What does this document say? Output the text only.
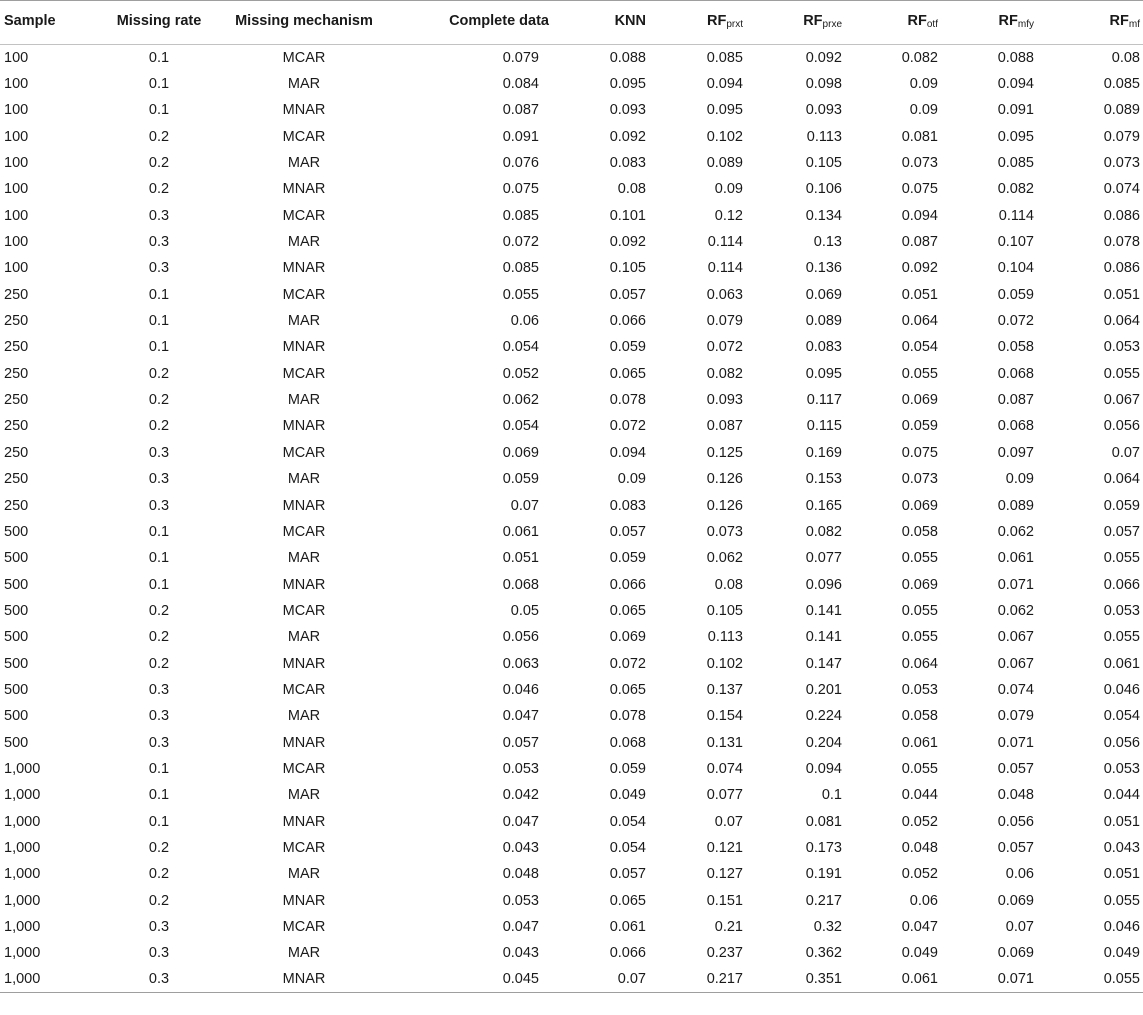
Sample	Missing rate	Missing mechanism	Complete data	KNN	$RF_{prxt}$	$RF_{prxe}$	$RF_{otf}$	$RF_{mfy}$	$RF_{mf}$
100	0.1	MCAR	0.079	0.088	0.085	0.092	0.082	0.088	0.08
100	0.1	MAR	0.084	0.095	0.094	0.098	0.09	0.094	0.085
100	0.1	MNAR	0.087	0.093	0.095	0.093	0.09	0.091	0.089
100	0.2	MCAR	0.091	0.092	0.102	0.113	0.081	0.095	0.079
100	0.2	MAR	0.076	0.083	0.089	0.105	0.073	0.085	0.073
100	0.2	MNAR	0.075	0.08	0.09	0.106	0.075	0.082	0.074
100	0.3	MCAR	0.085	0.101	0.12	0.134	0.094	0.114	0.086
100	0.3	MAR	0.072	0.092	0.114	0.13	0.087	0.107	0.078
100	0.3	MNAR	0.085	0.105	0.114	0.136	0.092	0.104	0.086
250	0.1	MCAR	0.055	0.057	0.063	0.069	0.051	0.059	0.051
250	0.1	MAR	0.06	0.066	0.079	0.089	0.064	0.072	0.064
250	0.1	MNAR	0.054	0.059	0.072	0.083	0.054	0.058	0.053
250	0.2	MCAR	0.052	0.065	0.082	0.095	0.055	0.068	0.055
250	0.2	MAR	0.062	0.078	0.093	0.117	0.069	0.087	0.067
250	0.2	MNAR	0.054	0.072	0.087	0.115	0.059	0.068	0.056
250	0.3	MCAR	0.069	0.094	0.125	0.169	0.075	0.097	0.07
250	0.3	MAR	0.059	0.09	0.126	0.153	0.073	0.09	0.064
250	0.3	MNAR	0.07	0.083	0.126	0.165	0.069	0.089	0.059
500	0.1	MCAR	0.061	0.057	0.073	0.082	0.058	0.062	0.057
500	0.1	MAR	0.051	0.059	0.062	0.077	0.055	0.061	0.055
500	0.1	MNAR	0.068	0.066	0.08	0.096	0.069	0.071	0.066
500	0.2	MCAR	0.05	0.065	0.105	0.141	0.055	0.062	0.053
500	0.2	MAR	0.056	0.069	0.113	0.141	0.055	0.067	0.055
500	0.2	MNAR	0.063	0.072	0.102	0.147	0.064	0.067	0.061
500	0.3	MCAR	0.046	0.065	0.137	0.201	0.053	0.074	0.046
500	0.3	MAR	0.047	0.078	0.154	0.224	0.058	0.079	0.054
500	0.3	MNAR	0.057	0.068	0.131	0.204	0.061	0.071	0.056
1,000	0.1	MCAR	0.053	0.059	0.074	0.094	0.055	0.057	0.053
1,000	0.1	MAR	0.042	0.049	0.077	0.1	0.044	0.048	0.044
1,000	0.1	MNAR	0.047	0.054	0.07	0.081	0.052	0.056	0.051
1,000	0.2	MCAR	0.043	0.054	0.121	0.173	0.048	0.057	0.043
1,000	0.2	MAR	0.048	0.057	0.127	0.191	0.052	0.06	0.051
1,000	0.2	MNAR	0.053	0.065	0.151	0.217	0.06	0.069	0.055
1,000	0.3	MCAR	0.047	0.061	0.21	0.32	0.047	0.07	0.046
1,000	0.3	MAR	0.043	0.066	0.237	0.362	0.049	0.069	0.049
1,000	0.3	MNAR	0.045	0.07	0.217	0.351	0.061	0.071	0.055
